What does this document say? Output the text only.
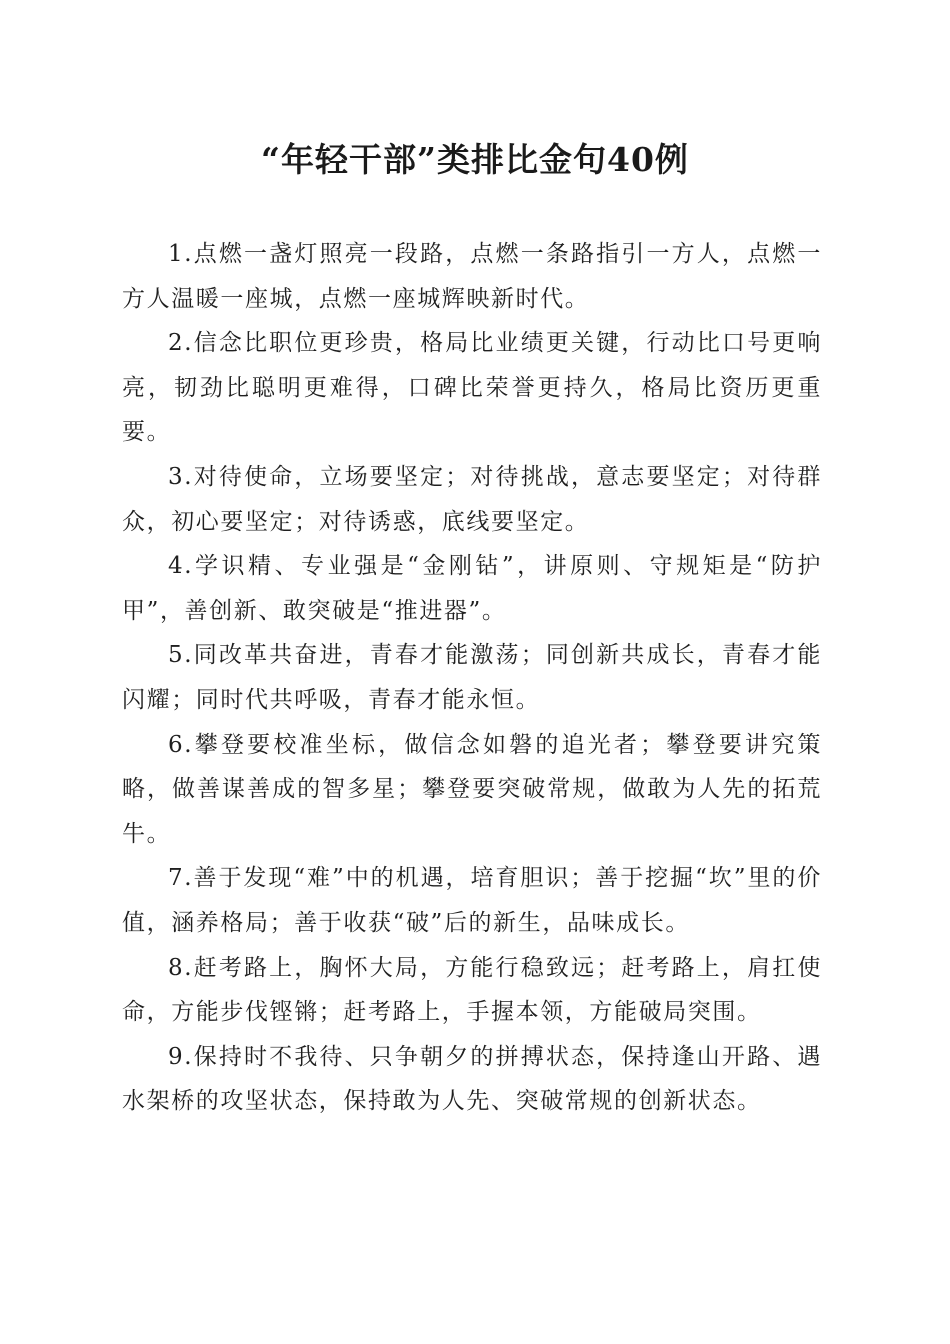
“年轻干部”类排比金句40例

1.点燃一盏灯照亮一段路，点燃一条路指引一方人，点燃一方人温暖一座城，点燃一座城辉映新时代。

2.信念比职位更珍贵，格局比业绩更关键，行动比口号更响亮，韧劲比聪明更难得，口碑比荣誉更持久，格局比资历更重要。

3.对待使命，立场要坚定；对待挑战，意志要坚定；对待群众，初心要坚定；对待诱惑，底线要坚定。

4.学识精、专业强是“金刚钻”，讲原则、守规矩是“防护甲”，善创新、敢突破是“推进器”。

5.同改革共奋进，青春才能激荡；同创新共成长，青春才能闪耀；同时代共呼吸，青春才能永恒。

6.攀登要校准坐标，做信念如磐的追光者；攀登要讲究策略，做善谋善成的智多星；攀登要突破常规，做敢为人先的拓荒牛。

7.善于发现“难”中的机遇，培育胆识；善于挖掘“坎”里的价值，涵养格局；善于收获“破”后的新生，品味成长。

8.赶考路上，胸怀大局，方能行稳致远；赶考路上，肩扛使命，方能步伐铿锵；赶考路上，手握本领，方能破局突围。

9.保持时不我待、只争朝夕的拼搏状态，保持逢山开路、遇水架桥的攻坚状态，保持敢为人先、突破常规的创新状态。
